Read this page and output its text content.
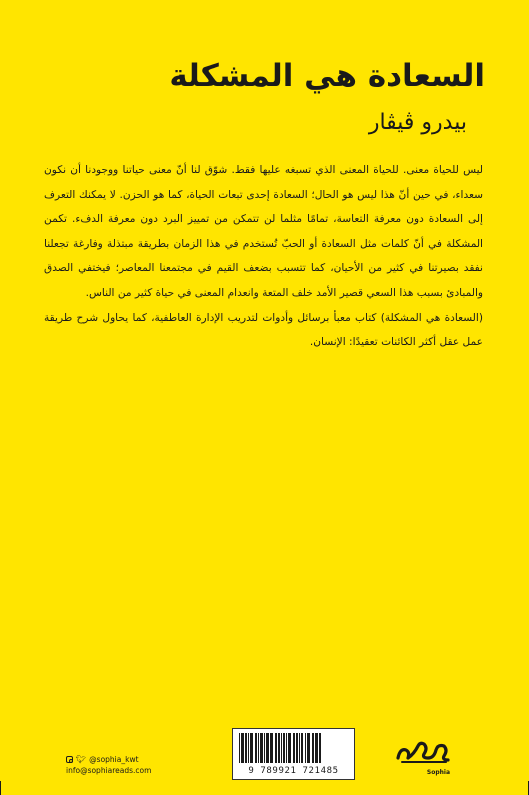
السعادة هي المشكلة
بيدرو ڤيڤار

ليس للحياة معنى. للحياة المعنى الذي تسبغه عليها فقط. شوّق لنا أنّ معنى حياتنا ووجودنا أن نكون سعداء، في حين أنّ هذا ليس هو الحال؛ السعادة إحدى تبعات الحياة، كما هو الحزن. لا يمكنك التعرف إلى السعادة دون معرفة التعاسة، تمامًا مثلما لن تتمكن من تمييز البرد دون معرفة الدفء. تكمن المشكلة في أنّ كلمات مثل السعادة أو الحبّ تُستخدم في هذا الزمان بطريقة مبتذلة وفارغة تجعلنا نفقد بصيرتنا في كثير من الأحيان، كما تتسبب بضعف القيم في مجتمعنا المعاصر؛ فيختفي الصدق والمبادئ بسبب هذا السعي قصير الأمد خلف المتعة وانعدام المعنى في حياة كثير من الناس.

(السعادة هي المشكلة) كتاب معبأ برسائل وأدوات لتدريب الإدارة العاطفية، كما يحاول شرح طريقة عمل عقل أكثر الكائنات تعقيدًا: الإنسان.

🐦︎ @sophia_kwt
info@sophiareads.com	9 789921 721485	Sophia
